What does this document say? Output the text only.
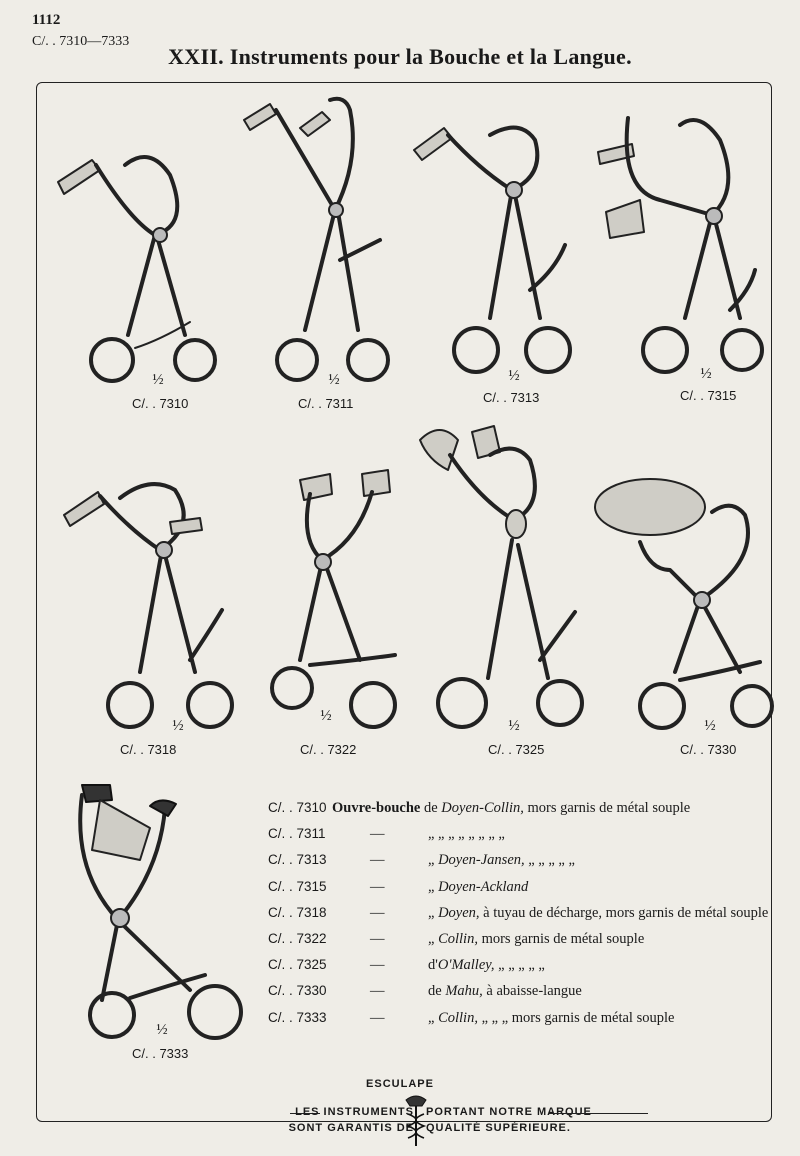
1112
C/. . 7310—7333
XXII. Instruments pour la Bouche et la Langue.
½
C/. . 7310
½
C/. . 7311
½
C/. . 7313
½
C/. . 7315
½
C/. . 7318
½
C/. . 7322
½
C/. . 7325
½
C/. . 7330
½
C/. . 7333
C/. . 7310 Ouvre-bouche de Doyen-Collin, mors garnis de métal souple
C/. . 7311	—	„ „ „ „ „ „ „ „
C/. . 7313	—	„ Doyen-Jansen, „ „ „ „ „
C/. . 7315	—	„ Doyen-Ackland
C/. . 7318	—	„ Doyen, à tuyau de décharge, mors garnis de métal souple
C/. . 7322	—	„ Collin, mors garnis de métal souple
C/. . 7325	—	d'O'Malley, „ „ „ „ „
C/. . 7330	—	de Mahu, à abaisse-langue
C/. . 7333	—	„ Collin, „ „ „ mors garnis de métal souple
ESCULAPE
LES INSTRUMENTS
SONT GARANTIS DE
PORTANT NOTRE MARQUE
QUALITÉ SUPÉRIEURE.
